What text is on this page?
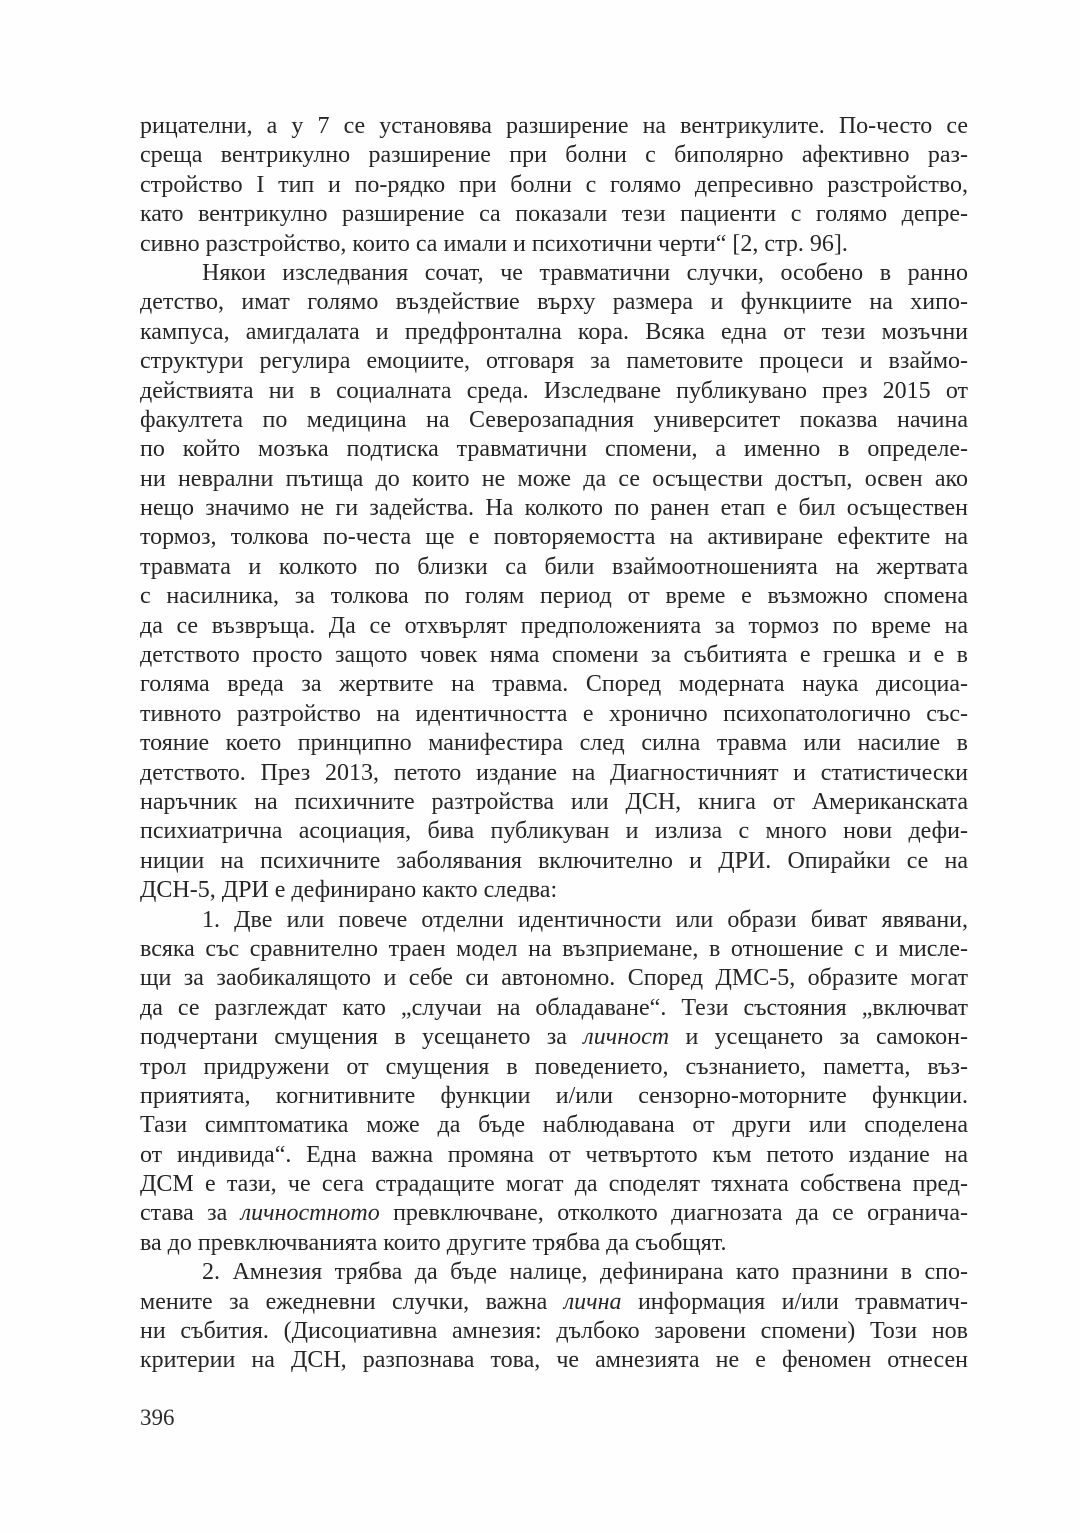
рицателни, а у 7 се установява разширение на вентрикулите. По-често се
среща вентрикулно разширение при болни с биполярно афективно раз-
стройство I тип и по-рядко при болни с голямо депресивно разстройство,
като вентрикулно разширение са показали тези пациенти с голямо депре-
сивно разстройство, които са имали и психотични черти“ [2, стр. 96].
Някои изследвания сочат, че травматични случки, особено в ранно
детство, имат голямо въздействие върху размера и функциите на хипо-
кампуса, амигдалата и предфронтална кора. Всяка една от тези мозъчни
структури регулира емоциите, отговаря за паметовите процеси и взаймо-
действията ни в социалната среда. Изследване публикувано през 2015 от
факултета по медицина на Северозападния университет показва начина
по който мозъка подтиска травматични спомени, а именно в определе-
ни неврални пътища до които не може да се осъществи достъп, освен ако
нещо значимо не ги задейства. На колкото по ранен етап е бил осъществен
тормоз, толкова по-честа ще е повторяемостта на активиране ефектите на
травмата и колкото по близки са били взаймоотношенията на жертвата
с насилника, за толкова по голям период от време е възможно спомена
да се възвръща. Да се отхвърлят предположенията за тормоз по време на
детството просто защото човек няма спомени за събитията е грешка и е в
голяма вреда за жертвите на травма. Според модерната наука дисоциа-
тивното разтройство на идентичността е хронично психопатологично със-
тояние което принципно манифестира след силна травма или насилие в
детството. През 2013, петото издание на Диагностичният и статистически
наръчник на психичните разтройства или ДСН, книга от Американската
психиатрична асоциация, бива публикуван и излиза с много нови дефи-
ниции на психичните заболявания включително и ДРИ. Опирайки се на
ДСН-5, ДРИ е дефинирано както следва:
1. Две или повече отделни идентичности или образи биват явявани,
всяка със сравнително траен модел на възприемане, в отношение с и мисле-
щи за заобикалящото и себе си автономно. Според ДМС-5, образите могат
да се разглеждат като „случаи на обладаване“. Тези състояния „включват
подчертани смущения в усещането за личност и усещането за самокон-
трол придружени от смущения в поведението, съзнанието, паметта, въз-
приятията, когнитивните функции и/или сензорно-моторните функции.
Тази симптоматика може да бъде наблюдавана от други или споделена
от индивида“. Една важна промяна от четвъртото към петото издание на
ДСМ е тази, че сега страдащите могат да споделят тяхната собствена пред-
става за личностното превключване, отколкото диагнозата да се огранича-
ва до превключванията които другите трябва да съобщят.
2. Амнезия трябва да бъде налице, дефинирана като празнини в спо-
мените за ежедневни случки, важна лична информация и/или травматич-
ни събития. (Дисоциативна амнезия: дълбоко заровени спомени) Този нов
критерии на ДСН, разпознава това, че амнезията не е феномен отнесен
396
